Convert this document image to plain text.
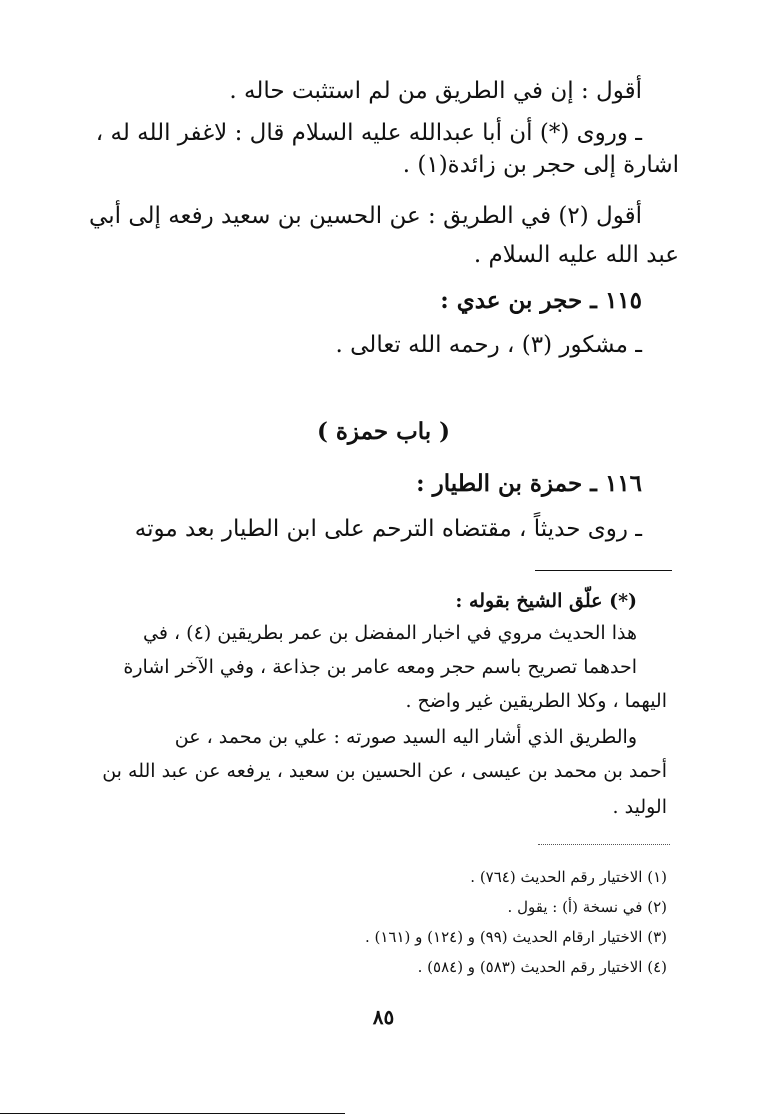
أقول : إن في الطريق من لم استثبت حاله .
ـ وروى (*) أن أبا عبدالله عليه السلام قال : لاغفر الله له ،
اشارة إلى حجر بن زائدة(١) .
أقول (٢) في الطريق : عن الحسين بن سعيد رفعه إلى أبي
عبد الله عليه السلام .
١١٥ ـ حجر بن عدي :
ـ مشكور (٣) ، رحمه الله تعالى .
( باب حمزة )
١١٦ ـ حمزة بن الطيار :
ـ روى حديثاً ، مقتضاه الترحم على ابن الطيار بعد موته
(*) علّق الشيخ بقوله :
هذا الحديث مروي في اخبار المفضل بن عمر بطريقين (٤) ، في
احدهما تصريح باسم حجر ومعه عامر بن جذاعة ، وفي الآخر اشارة
اليهما ، وكلا الطريقين غير واضح .
والطريق الذي أشار اليه السيد صورته : علي بن محمد ، عن
أحمد بن محمد بن عيسى ، عن الحسين بن سعيد ، يرفعه عن عبد الله بن
الوليد .
(١) الاختيار رقم الحديث (٧٦٤) .
(٢) في نسخة (أ) : يقول .
(٣) الاختيار ارقام الحديث (٩٩) و (١٢٤) و (١٦١) .
(٤) الاختيار رقم الحديث (٥٨٣) و (٥٨٤) .
٨٥
